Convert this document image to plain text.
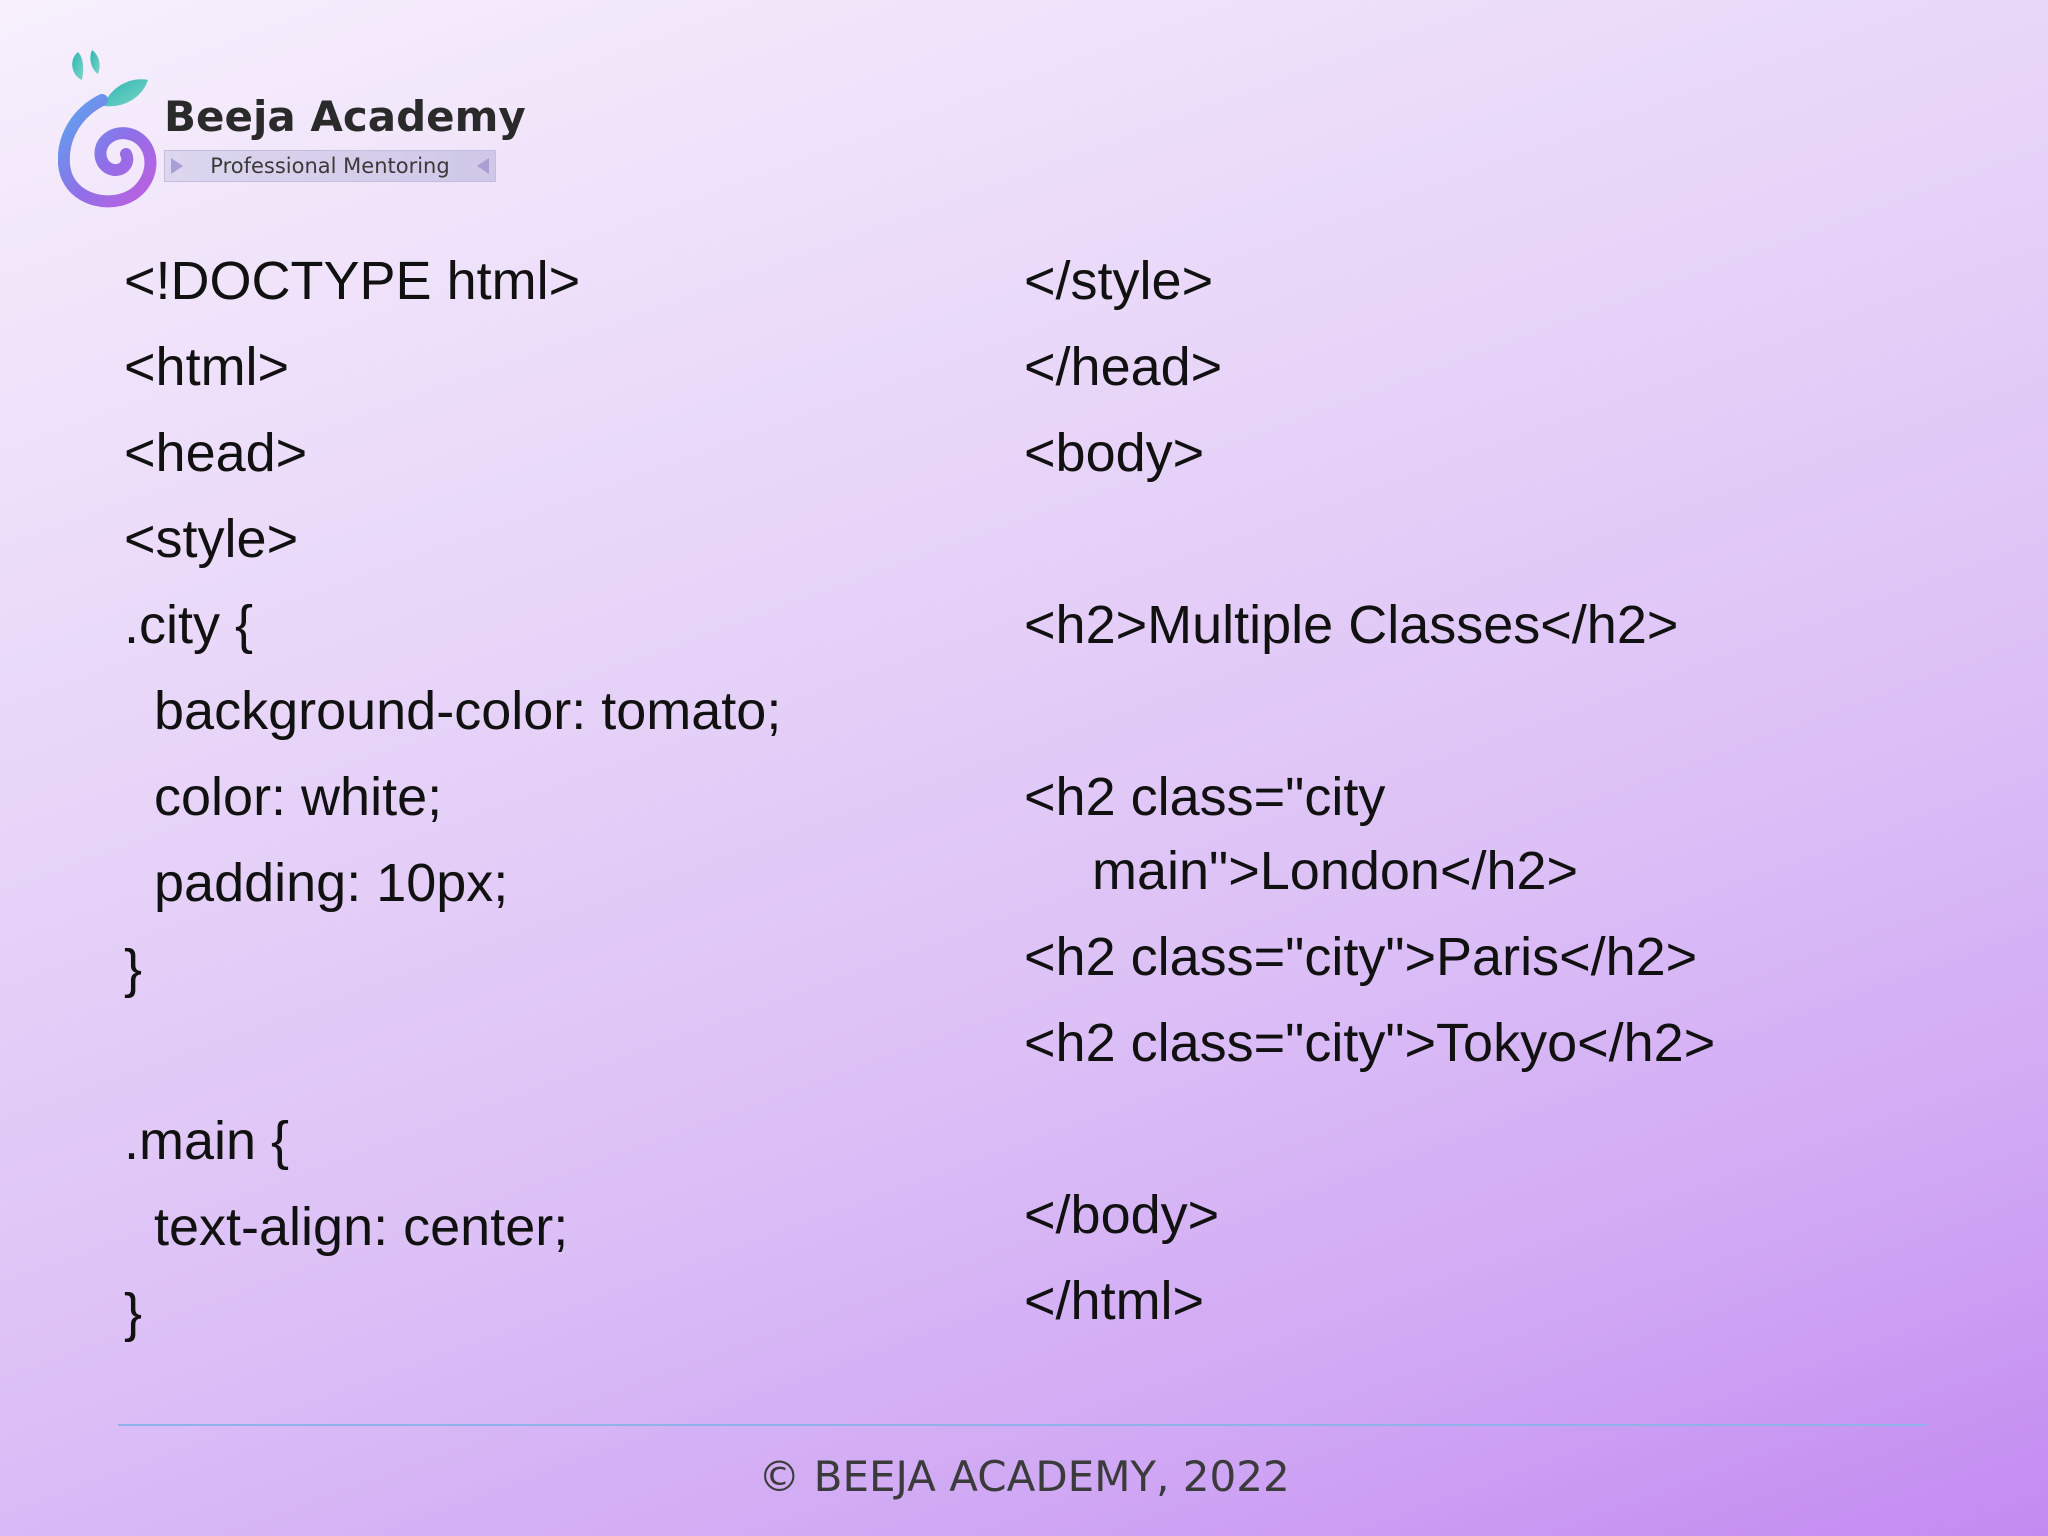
Beeja Academy
Professional Mentoring
<!DOCTYPE html>
<html>
<head>
<style>
.city {
background-color: tomato;
color: white;
padding: 10px;
}
.main {
text-align: center;
}
</style>
</head>
<body>
<h2>Multiple Classes</h2>
<h2 class="city
main">London</h2>
<h2 class="city">Paris</h2>
<h2 class="city">Tokyo</h2>
</body>
</html>
© BEEJA ACADEMY, 2022
